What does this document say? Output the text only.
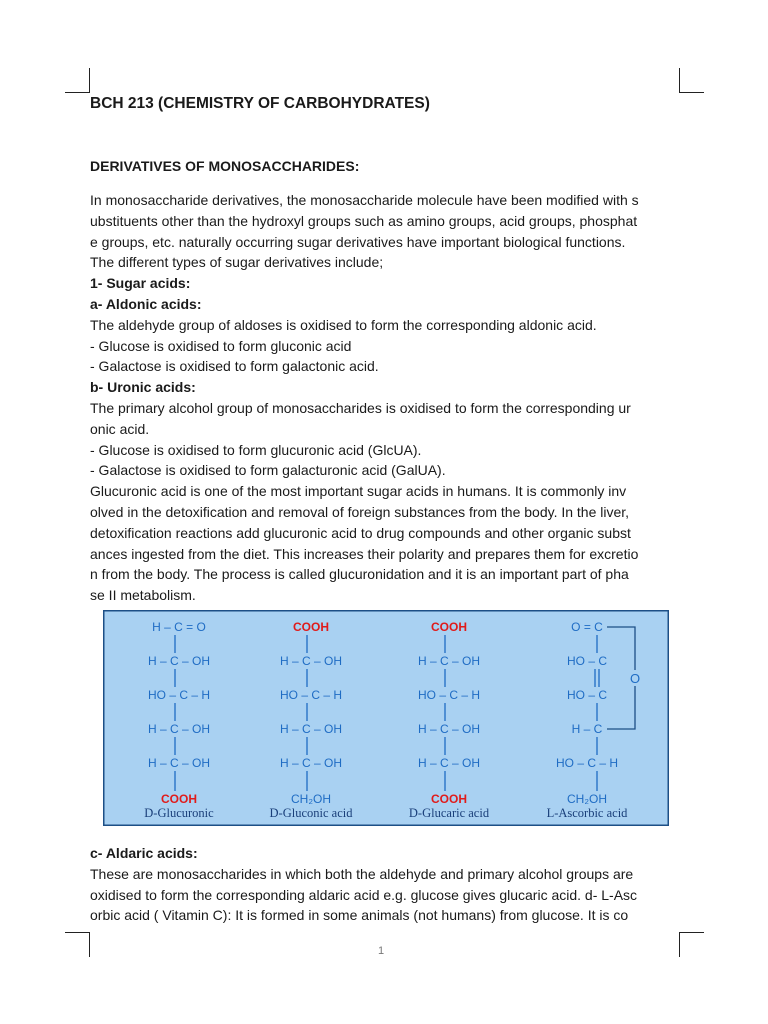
BCH 213 (CHEMISTRY OF CARBOHYDRATES)
DERIVATIVES OF MONOSACCHARIDES:
In monosaccharide derivatives, the monosaccharide molecule have been modified with s
ubstituents other than the hydroxyl groups such as amino groups, acid groups, phosphat
e groups, etc. naturally occurring sugar derivatives have important biological functions.
The different types of sugar derivatives include;
1- Sugar acids:
a- Aldonic acids:
The aldehyde group of aldoses is oxidised to form the corresponding aldonic acid.
- Glucose is oxidised to form gluconic acid
- Galactose is oxidised to form galactonic acid.
b- Uronic acids:
The primary alcohol group of monosaccharides is oxidised to form the corresponding ur
onic acid.
- Glucose is oxidised to form glucuronic acid (GlcUA).
- Galactose is oxidised to form galacturonic acid (GalUA).
Glucuronic acid is one of the most important sugar acids in humans. It is commonly inv
olved in the detoxification and removal of foreign substances from the body. In the liver,
detoxification reactions add glucuronic acid to drug compounds and other organic subst
ances ingested from the diet. This increases their polarity and prepares them for excretio
n from the body. The process is called glucuronidation and it is an important part of pha
se II metabolism.
H – C = O
H – C – OH
HO – C – H
H – C – OH
H – C – OH
COOH
D-Glucuronic
COOH
H – C – OH
HO – C – H
H – C – OH
H – C – OH
CH₂OH
D-Gluconic acid
COOH
H – C – OH
HO – C – H
H – C – OH
H – C – OH
COOH
D-Glucaric acid
O = C
HO – C
HO – C
H – C
HO – C – H
CH₂OH
O
L-Ascorbic acid
c- Aldaric acids:
These are monosaccharides in which both the aldehyde and primary alcohol groups are
oxidised to form the corresponding aldaric acid e.g. glucose gives glucaric acid. d- L-Asc
orbic acid ( Vitamin C): It is formed in some animals (not humans) from glucose. It is co
1
